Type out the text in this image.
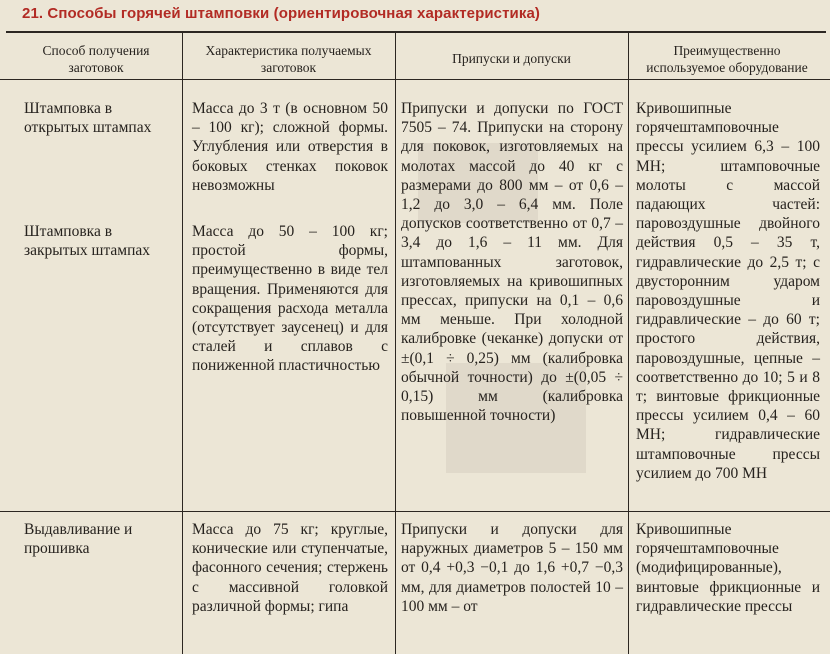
21. Способы горячей штамповки (ориентировочная характеристика)
Способ получения заготовок
Характеристика получаемых заготовок
Припуски и допуски
Преимущественно используемое оборудование
Штамповка в открытых штампах
Масса до 3 т (в основном 50 – 100 кг); сложной формы. Углубления или отверстия в боковых стенках поковок невозможны
Припуски и допуски по ГОСТ 7505 – 74. Припуски на сторону для поковок, изготовляемых на молотах массой до 40 кг с размерами до 800 мм – от 0,6 – 1,2 до 3,0 – 6,4 мм. Поле допусков соответственно от 0,7 – 3,4 до 1,6 – 11 мм. Для штампованных заготовок, изготовляемых на кривошипных прессах, припуски на 0,1 – 0,6 мм меньше. При холодной калибровке (чеканке) допуски от ±(0,1 ÷ 0,25) мм (калибровка обычной точности) до ±(0,05 ÷ 0,15) мм (калибровка повышенной точности)
Кривошипные горячештамповочные прессы усилием 6,3 – 100 МН; штамповочные молоты с массой падающих частей: паровоздушные двойного действия 0,5 – 35 т, гидравлические до 2,5 т; с двусторонним ударом паровоздушные и гидравлические – до 60 т; простого действия, паровоздушные, цепные – соответственно до 10; 5 и 8 т; винтовые фрикционные прессы усилием 0,4 – 60 МН; гидравлические штамповочные прессы усилием до 700 МН
Штамповка в закрытых штампах
Масса до 50 – 100 кг; простой формы, преимущественно в виде тел вращения. Применяются для сокращения расхода металла (отсутствует заусенец) и для сталей и сплавов с пониженной пластичностью
Выдавливание и прошивка
Масса до 75 кг; круглые, конические или ступенчатые, фасонного сечения; стержень с массивной головкой различной формы; гипа
Припуски и допуски для наружных диаметров 5 – 150 мм от 0,4 +0,3 −0,1 до 1,6 +0,7 −0,3 мм, для диаметров полостей 10 – 100 мм – от
Кривошипные горячештамповочные (модифицированные), винтовые фрикционные и гидравлические прессы
